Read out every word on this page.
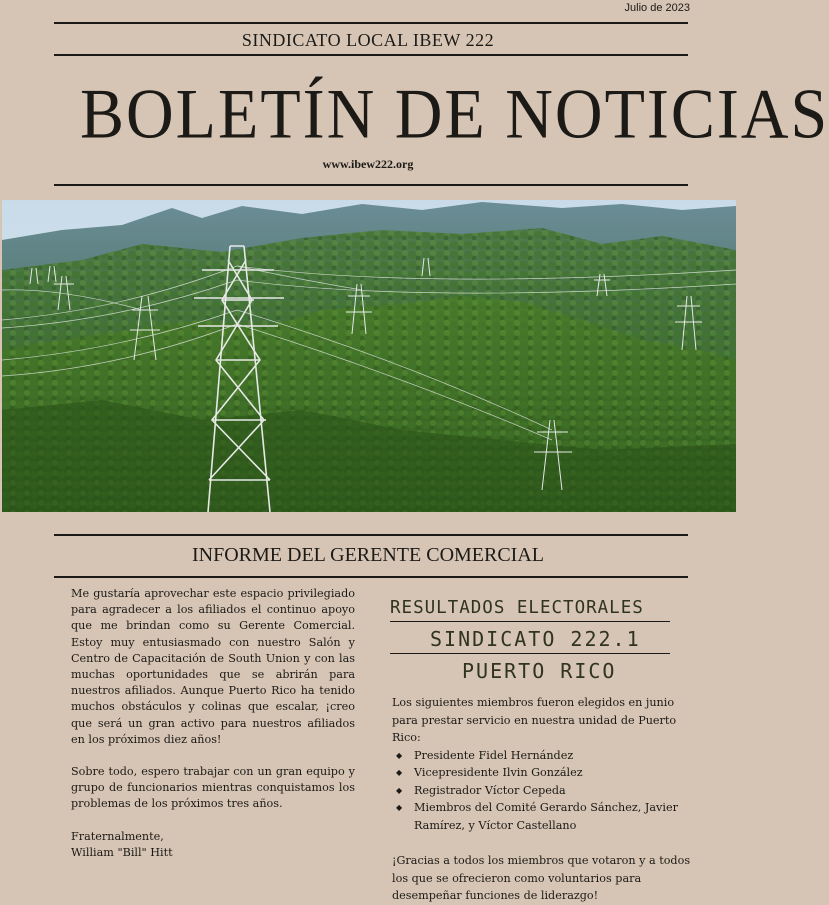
Julio de 2023
SINDICATO LOCAL IBEW 222
BOLETÍN DE NOTICIAS
www.ibew222.org
INFORME DEL GERENTE COMERCIAL

Me gustaría aprovechar este espacio privilegiado para agradecer a los afiliados el continuo apoyo que me brindan como su Gerente Comercial. Estoy muy entusiasmado con nuestro Salón y Centro de Capacitación de South Union y con las muchas oportunidades que se abrirán para nuestros afiliados. Aunque Puerto Rico ha tenido muchos obstáculos y colinas que escalar, ¡creo que será un gran activo para nuestros afiliados en los próximos diez años!

Sobre todo, espero trabajar con un gran equipo y grupo de funcionarios mientras conquistamos los problemas de los próximos tres años.

Fraternalmente,
William "Bill" Hitt

RESULTADOS ELECTORALES
SINDICATO 222.1
PUERTO RICO

Los siguientes miembros fueron elegidos en junio para prestar servicio en nuestra unidad de Puerto Rico:

◆ Presidente Fidel Hernández
◆ Vicepresidente Ilvin González
◆ Registrador Víctor Cepeda
◆ Miembros del Comité Gerardo Sánchez, Javier Ramírez, y Víctor Castellano

¡Gracias a todos los miembros que votaron y a todos los que se ofrecieron como voluntarios para desempeñar funciones de liderazgo!
